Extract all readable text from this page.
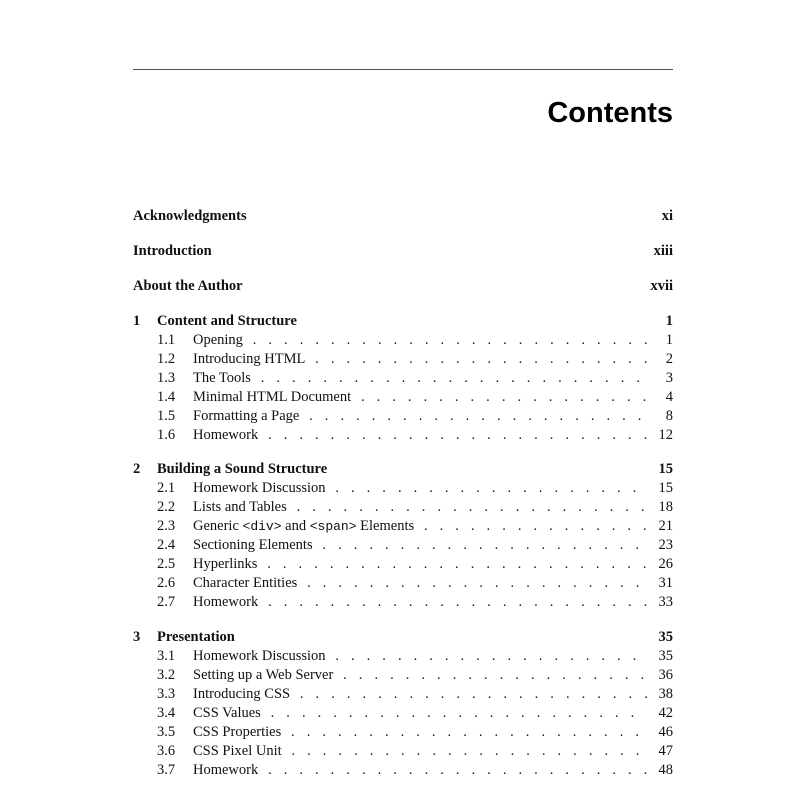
Contents
Acknowledgments	xi
Introduction	xiii
About the Author	xvii
1 Content and Structure	1
1.1 Opening . . .	1
1.2 Introducing HTML . . .	2
1.3 The Tools . . .	3
1.4 Minimal HTML Document . . .	4
1.5 Formatting a Page . . .	8
1.6 Homework . . .	12
2 Building a Sound Structure	15
2.1 Homework Discussion . . .	15
2.2 Lists and Tables . . .	18
2.3 Generic <div> and <span> Elements . . .	21
2.4 Sectioning Elements . . .	23
2.5 Hyperlinks . . .	26
2.6 Character Entities . . .	31
2.7 Homework . . .	33
3 Presentation	35
3.1 Homework Discussion . . .	35
3.2 Setting up a Web Server . . .	36
3.3 Introducing CSS . . .	38
3.4 CSS Values . . .	42
3.5 CSS Properties . . .	46
3.6 CSS Pixel Unit . . .	47
3.7 Homework . . .	48
